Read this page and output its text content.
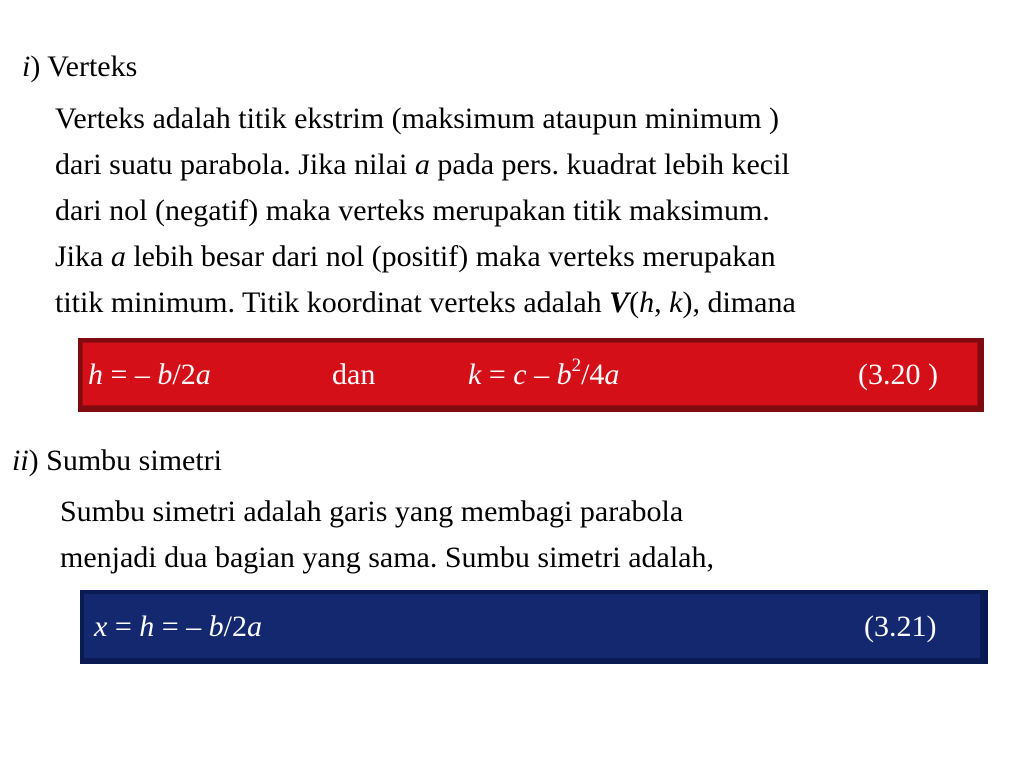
i) Verteks
Verteks adalah titik ekstrim (maksimum ataupun minimum )
dari suatu parabola. Jika nilai a pada pers. kuadrat lebih kecil
dari nol (negatif) maka verteks merupakan titik maksimum.
Jika a lebih besar dari nol (positif) maka verteks merupakan
titik minimum. Titik koordinat verteks adalah V(h, k), dimana
h = – b/2a	dan	$k = c - b^2/4a$	(3.20 )
ii) Sumbu simetri
Sumbu simetri adalah garis yang membagi parabola
menjadi dua bagian yang sama. Sumbu simetri adalah,
x = h = – b/2a	(3.21)
